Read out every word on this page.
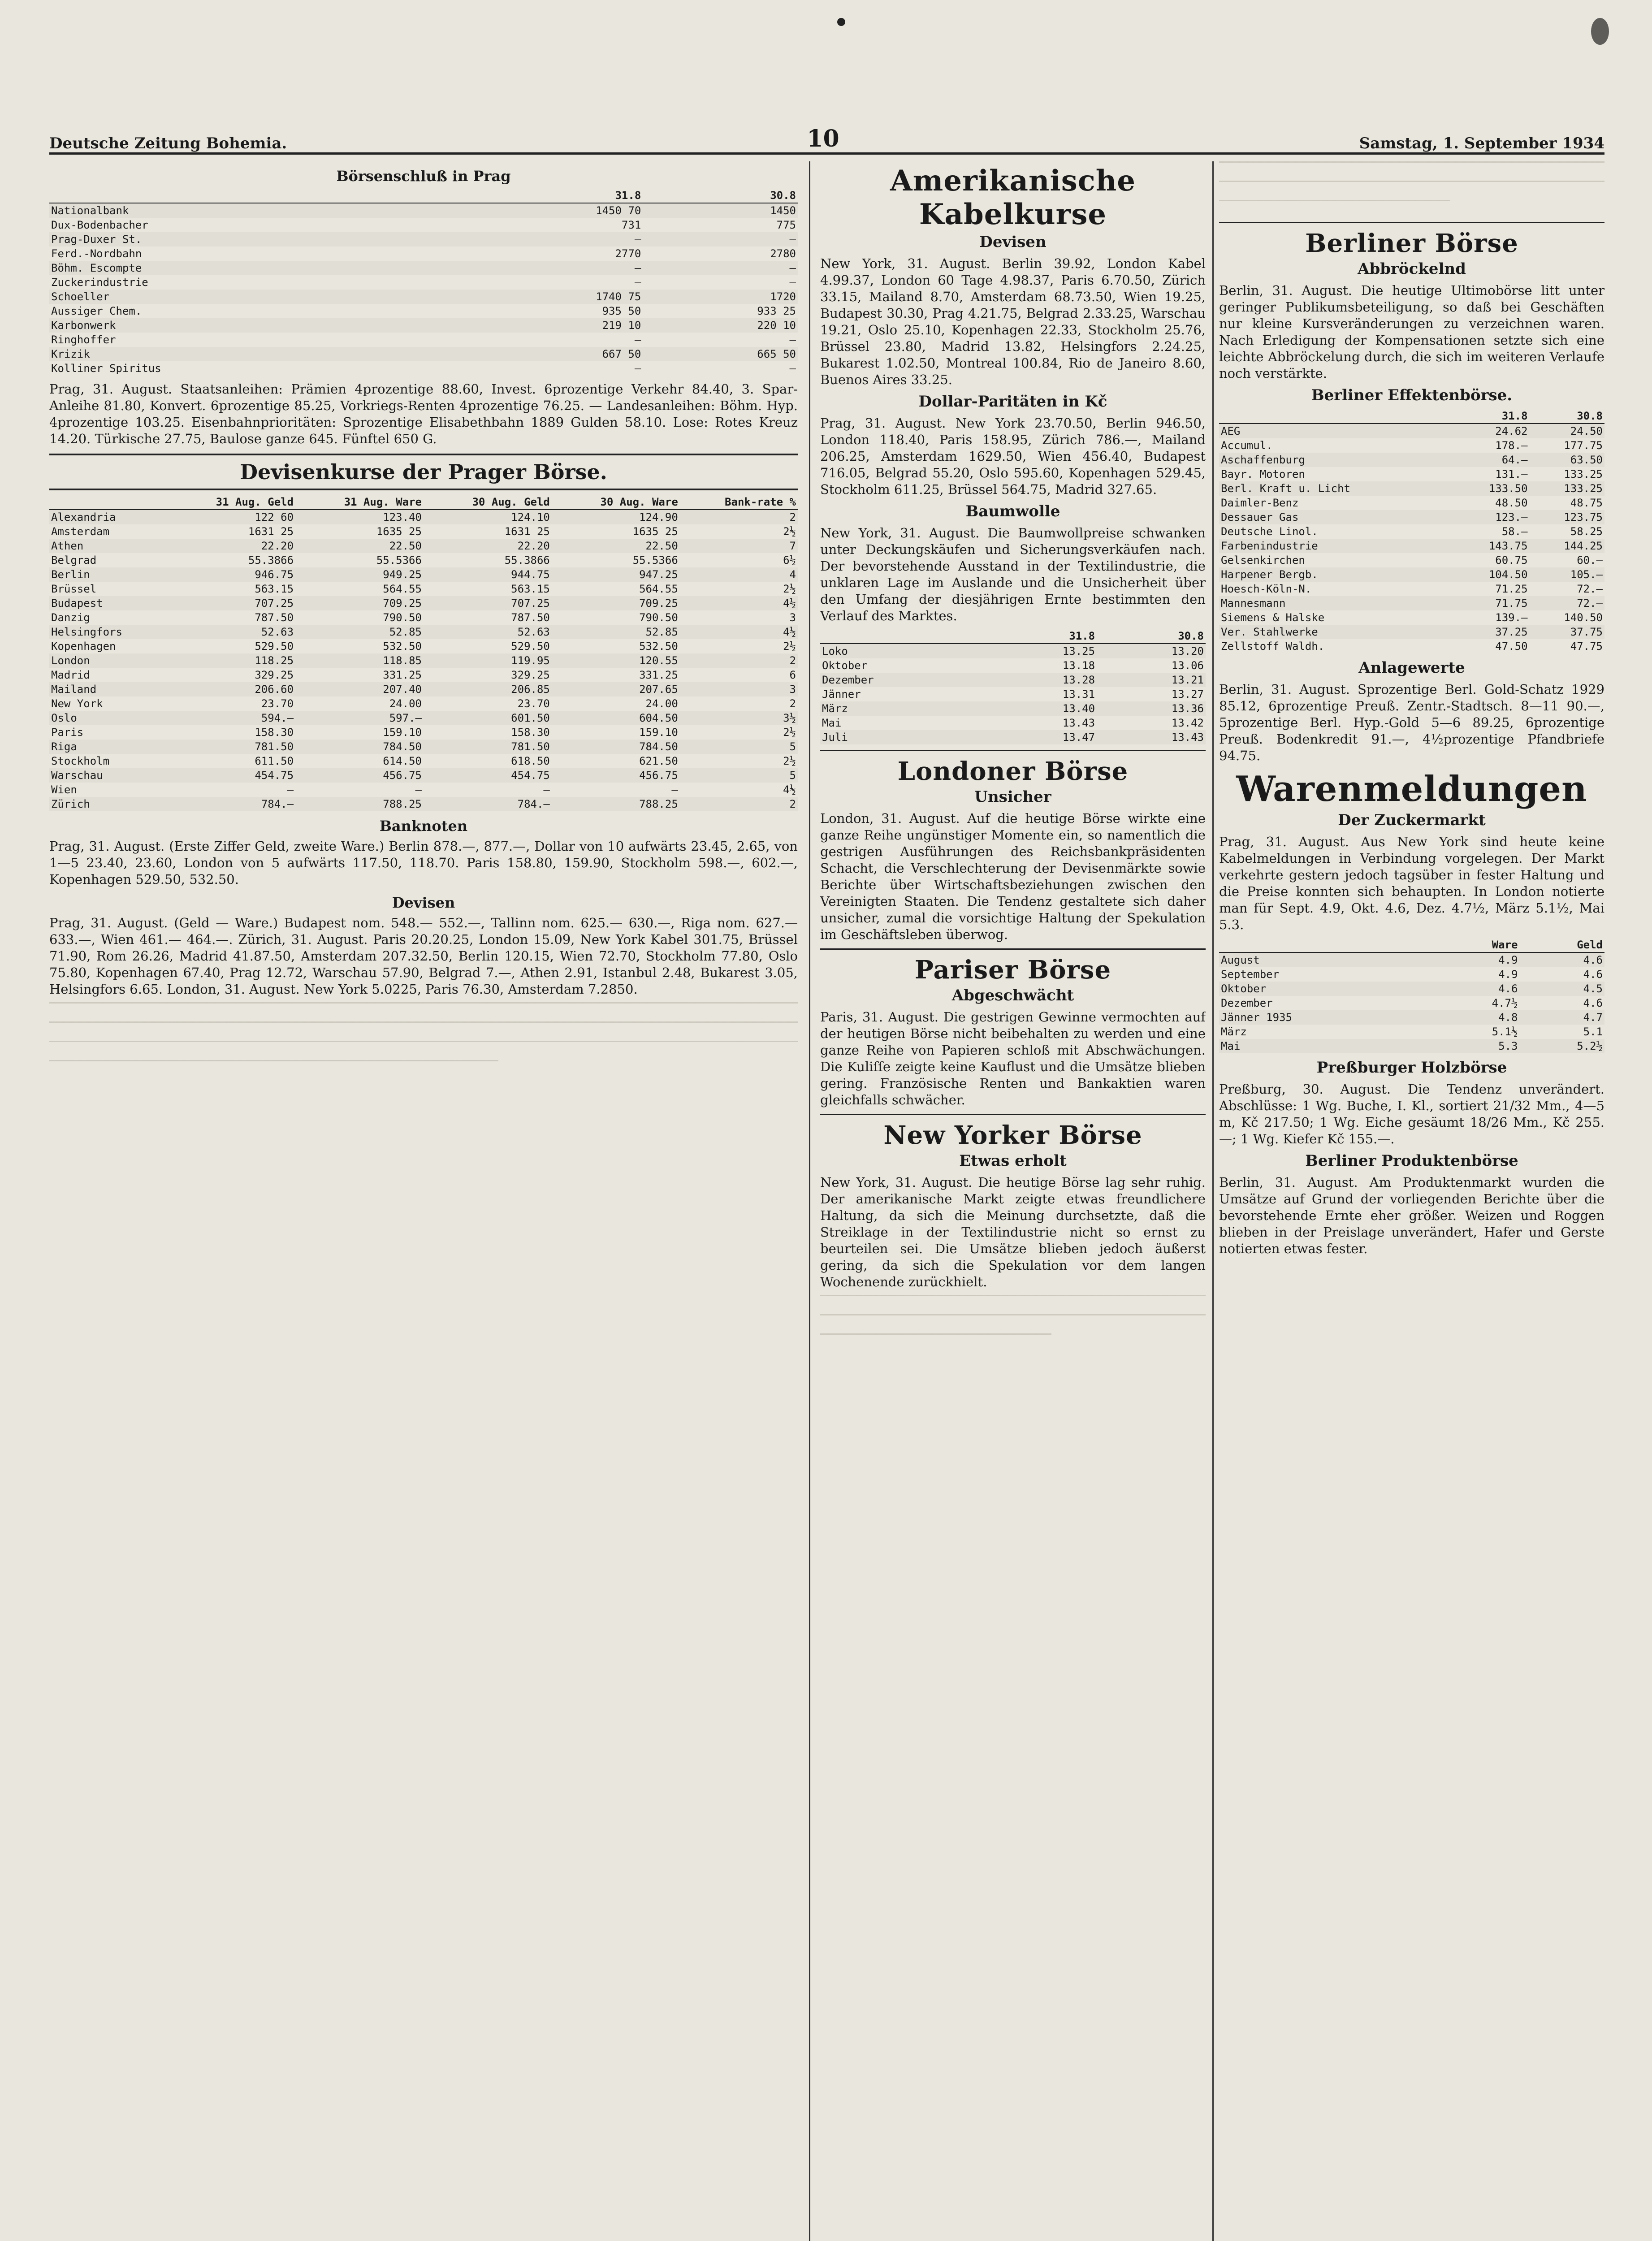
Deutsche Zeitung Bohemia.	10	Samstag, 1. September 1934
Börsenschluß in Prag
	31.8	30.8
Nationalbank	1450 70	1450
Dux-Bodenbacher	731	775
Prag-Duxer St.	—	—
Ferd.-Nordbahn	2770	2780
Böhm. Escompte	—	—
Zuckerindustrie	—	—
Schoeller	1740 75	1720
Aussiger Chem.	935 50	933 25
Karbonwerk	219 10	220 10
Ringhoffer	—	—
Krizik	667 50	665 50
Kolliner Spiritus	—	—

Prag, 31. August. Staatsanleihen: Prämien 4prozentige 88.60, Invest. 6prozentige Verkehr 84.40, 3. Spar-Anleihe 81.80, Konvert. 6prozentige 85.25, Vorkriegs-Renten 4prozentige 76.25. — Landesanleihen: Böhm. Hyp. 4prozentige 103.25. Eisenbahnprioritäten: Sprozentige Elisabethbahn 1889 Gulden 58.10. Lose: Rotes Kreuz 14.20. Türkische 27.75, Baulose ganze 645. Fünftel 650 G.

Devisenkurse der Prager Börse.
	31 Aug. Geld	31 Aug. Ware	30 Aug. Geld	30 Aug. Ware	Bank-rate %
Alexandria	122 60	123.40	124.10	124.90	2
Amsterdam	1631 25	1635 25	1631 25	1635 25	2½
Athen	22.20	22.50	22.20	22.50	7
Belgrad	55.3866	55.5366	55.3866	55.5366	6½
Berlin	946.75	949.25	944.75	947.25	4
Brüssel	563.15	564.55	563.15	564.55	2½
Budapest	707.25	709.25	707.25	709.25	4½
Danzig	787.50	790.50	787.50	790.50	3
Helsingfors	52.63	52.85	52.63	52.85	4½
Kopenhagen	529.50	532.50	529.50	532.50	2½
London	118.25	118.85	119.95	120.55	2
Madrid	329.25	331.25	329.25	331.25	6
Mailand	206.60	207.40	206.85	207.65	3
New York	23.70	24.00	23.70	24.00	2
Oslo	594.—	597.—	601.50	604.50	3½
Paris	158.30	159.10	158.30	159.10	2½
Riga	781.50	784.50	781.50	784.50	5
Stockholm	611.50	614.50	618.50	621.50	2½
Warschau	454.75	456.75	454.75	456.75	5
Wien	—	—	—	—	4½
Zürich	784.—	788.25	784.—	788.25	2
Banknoten

Prag, 31. August. (Erste Ziffer Geld, zweite Ware.) Berlin 878.—, 877.—, Dollar von 10 aufwärts 23.45, 2.65, von 1—5 23.40, 23.60, London von 5 aufwärts 117.50, 118.70. Paris 158.80, 159.90, Stockholm 598.—, 602.—, Kopenhagen 529.50, 532.50.

Devisen

Prag, 31. August. (Geld — Ware.) Budapest nom. 548.— 552.—, Tallinn nom. 625.— 630.—, Riga nom. 627.— 633.—, Wien 461.— 464.—. Zürich, 31. August. Paris 20.20.25, London 15.09, New York Kabel 301.75, Brüssel 71.90, Rom 26.26, Madrid 41.87.50, Amsterdam 207.32.50, Berlin 120.15, Wien 72.70, Stockholm 77.80, Oslo 75.80, Kopenhagen 67.40, Prag 12.72, Warschau 57.90, Belgrad 7.—, Athen 2.91, Istanbul 2.48, Bukarest 3.05, Helsingfors 6.65. London, 31. August. New York 5.0225, Paris 76.30, Amsterdam 7.2850.

Amerikanische Kabelkurse
Devisen

New York, 31. August. Berlin 39.92, London Kabel 4.99.37, London 60 Tage 4.98.37, Paris 6.70.50, Zürich 33.15, Mailand 8.70, Amsterdam 68.73.50, Wien 19.25, Budapest 30.30, Prag 4.21.75, Belgrad 2.33.25, Warschau 19.21, Oslo 25.10, Kopenhagen 22.33, Stockholm 25.76, Brüssel 23.80, Madrid 13.82, Helsingfors 2.24.25, Bukarest 1.02.50, Montreal 100.84, Rio de Janeiro 8.60, Buenos Aires 33.25.

Dollar-Paritäten in Kč

Prag, 31. August. New York 23.70.50, Berlin 946.50, London 118.40, Paris 158.95, Zürich 786.—, Mailand 206.25, Amsterdam 1629.50, Wien 456.40, Budapest 716.05, Belgrad 55.20, Oslo 595.60, Kopenhagen 529.45, Stockholm 611.25, Brüssel 564.75, Madrid 327.65.

Baumwolle

New York, 31. August. Die Baumwollpreise schwanken unter Deckungskäufen und Sicherungsverkäufen nach. Der bevorstehende Ausstand in der Textilindustrie, die unklaren Lage im Auslande und die Unsicherheit über den Umfang der diesjährigen Ernte bestimmten den Verlauf des Marktes.

	31.8	30.8
Loko	13.25	13.20
Oktober	13.18	13.06
Dezember	13.28	13.21
Jänner	13.31	13.27
März	13.40	13.36
Mai	13.43	13.42
Juli	13.47	13.43
Londoner Börse
Unsicher

London, 31. August. Auf die heutige Börse wirkte eine ganze Reihe ungünstiger Momente ein, so namentlich die gestrigen Ausführungen des Reichsbankpräsidenten Schacht, die Verschlechterung der Devisenmärkte sowie Berichte über Wirtschaftsbeziehungen zwischen den Vereinigten Staaten. Die Tendenz gestaltete sich daher unsicher, zumal die vorsichtige Haltung der Spekulation im Geschäftsleben überwog.

Pariser Börse
Abgeschwächt

Paris, 31. August. Die gestrigen Gewinne vermochten auf der heutigen Börse nicht beibehalten zu werden und eine ganze Reihe von Papieren schloß mit Abschwächungen. Die Kuliſſe zeigte keine Kauflust und die Umsätze blieben gering. Französische Renten und Bankaktien waren gleichfalls schwächer.

New Yorker Börse
Etwas erholt

New York, 31. August. Die heutige Börse lag sehr ruhig. Der amerikanische Markt zeigte etwas freundlichere Haltung, da sich die Meinung durchsetzte, daß die Streiklage in der Textilindustrie nicht so ernst zu beurteilen sei. Die Umsätze blieben jedoch äußerst gering, da sich die Spekulation vor dem langen Wochenende zurückhielt.

Berliner Börse
Abbröckelnd

Berlin, 31. August. Die heutige Ultimobörse litt unter geringer Publikumsbeteiligung, so daß bei Geschäften nur kleine Kursveränderungen zu verzeichnen waren. Nach Erledigung der Kompensationen setzte sich eine leichte Abbröckelung durch, die sich im weiteren Verlaufe noch verstärkte.

Berliner Effektenbörse.
	31.8	30.8
AEG	24.62	24.50
Accumul.	178.—	177.75
Aschaffenburg	64.—	63.50
Bayr. Motoren	131.—	133.25
Berl. Kraft u. Licht	133.50	133.25
Daimler-Benz	48.50	48.75
Dessauer Gas	123.—	123.75
Deutsche Linol.	58.—	58.25
Farbenindustrie	143.75	144.25
Gelsenkirchen	60.75	60.—
Harpener Bergb.	104.50	105.—
Hoesch-Köln-N.	71.25	72.—
Mannesmann	71.75	72.—
Siemens & Halske	139.—	140.50
Ver. Stahlwerke	37.25	37.75
Zellstoff Waldh.	47.50	47.75
Anlagewerte

Berlin, 31. August. Sprozentige Berl. Gold-Schatz 1929 85.12, 6prozentige Preuß. Zentr.-Stadtsch. 8—11 90.—, 5prozentige Berl. Hyp.-Gold 5—6 89.25, 6prozentige Preuß. Bodenkredit 91.—, 4½prozentige Pfandbriefe 94.75.

Warenmeldungen
Der Zuckermarkt

Prag, 31. August. Aus New York sind heute keine Kabelmeldungen in Verbindung vorgelegen. Der Markt verkehrte gestern jedoch tagsüber in fester Haltung und die Preise konnten sich behaupten. In London notierte man für Sept. 4.9, Okt. 4.6, Dez. 4.7½, März 5.1½, Mai 5.3.

	Ware	Geld
August	4.9	4.6
September	4.9	4.6
Oktober	4.6	4.5
Dezember	4.7½	4.6
Jänner 1935	4.8	4.7
März	5.1½	5.1
Mai	5.3	5.2½
Preßburger Holzbörse

Preßburg, 30. August. Die Tendenz unverändert. Abschlüsse: 1 Wg. Buche, I. Kl., sortiert 21/32 Mm., 4—5 m, Kč 217.50; 1 Wg. Eiche gesäumt 18/26 Mm., Kč 255.—; 1 Wg. Kiefer Kč 155.—.

Berliner Produktenbörse

Berlin, 31. August. Am Produktenmarkt wurden die Umsätze auf Grund der vorliegenden Berichte über die bevorstehende Ernte eher größer. Weizen und Roggen blieben in der Preislage unverändert, Hafer und Gerste notierten etwas fester.
